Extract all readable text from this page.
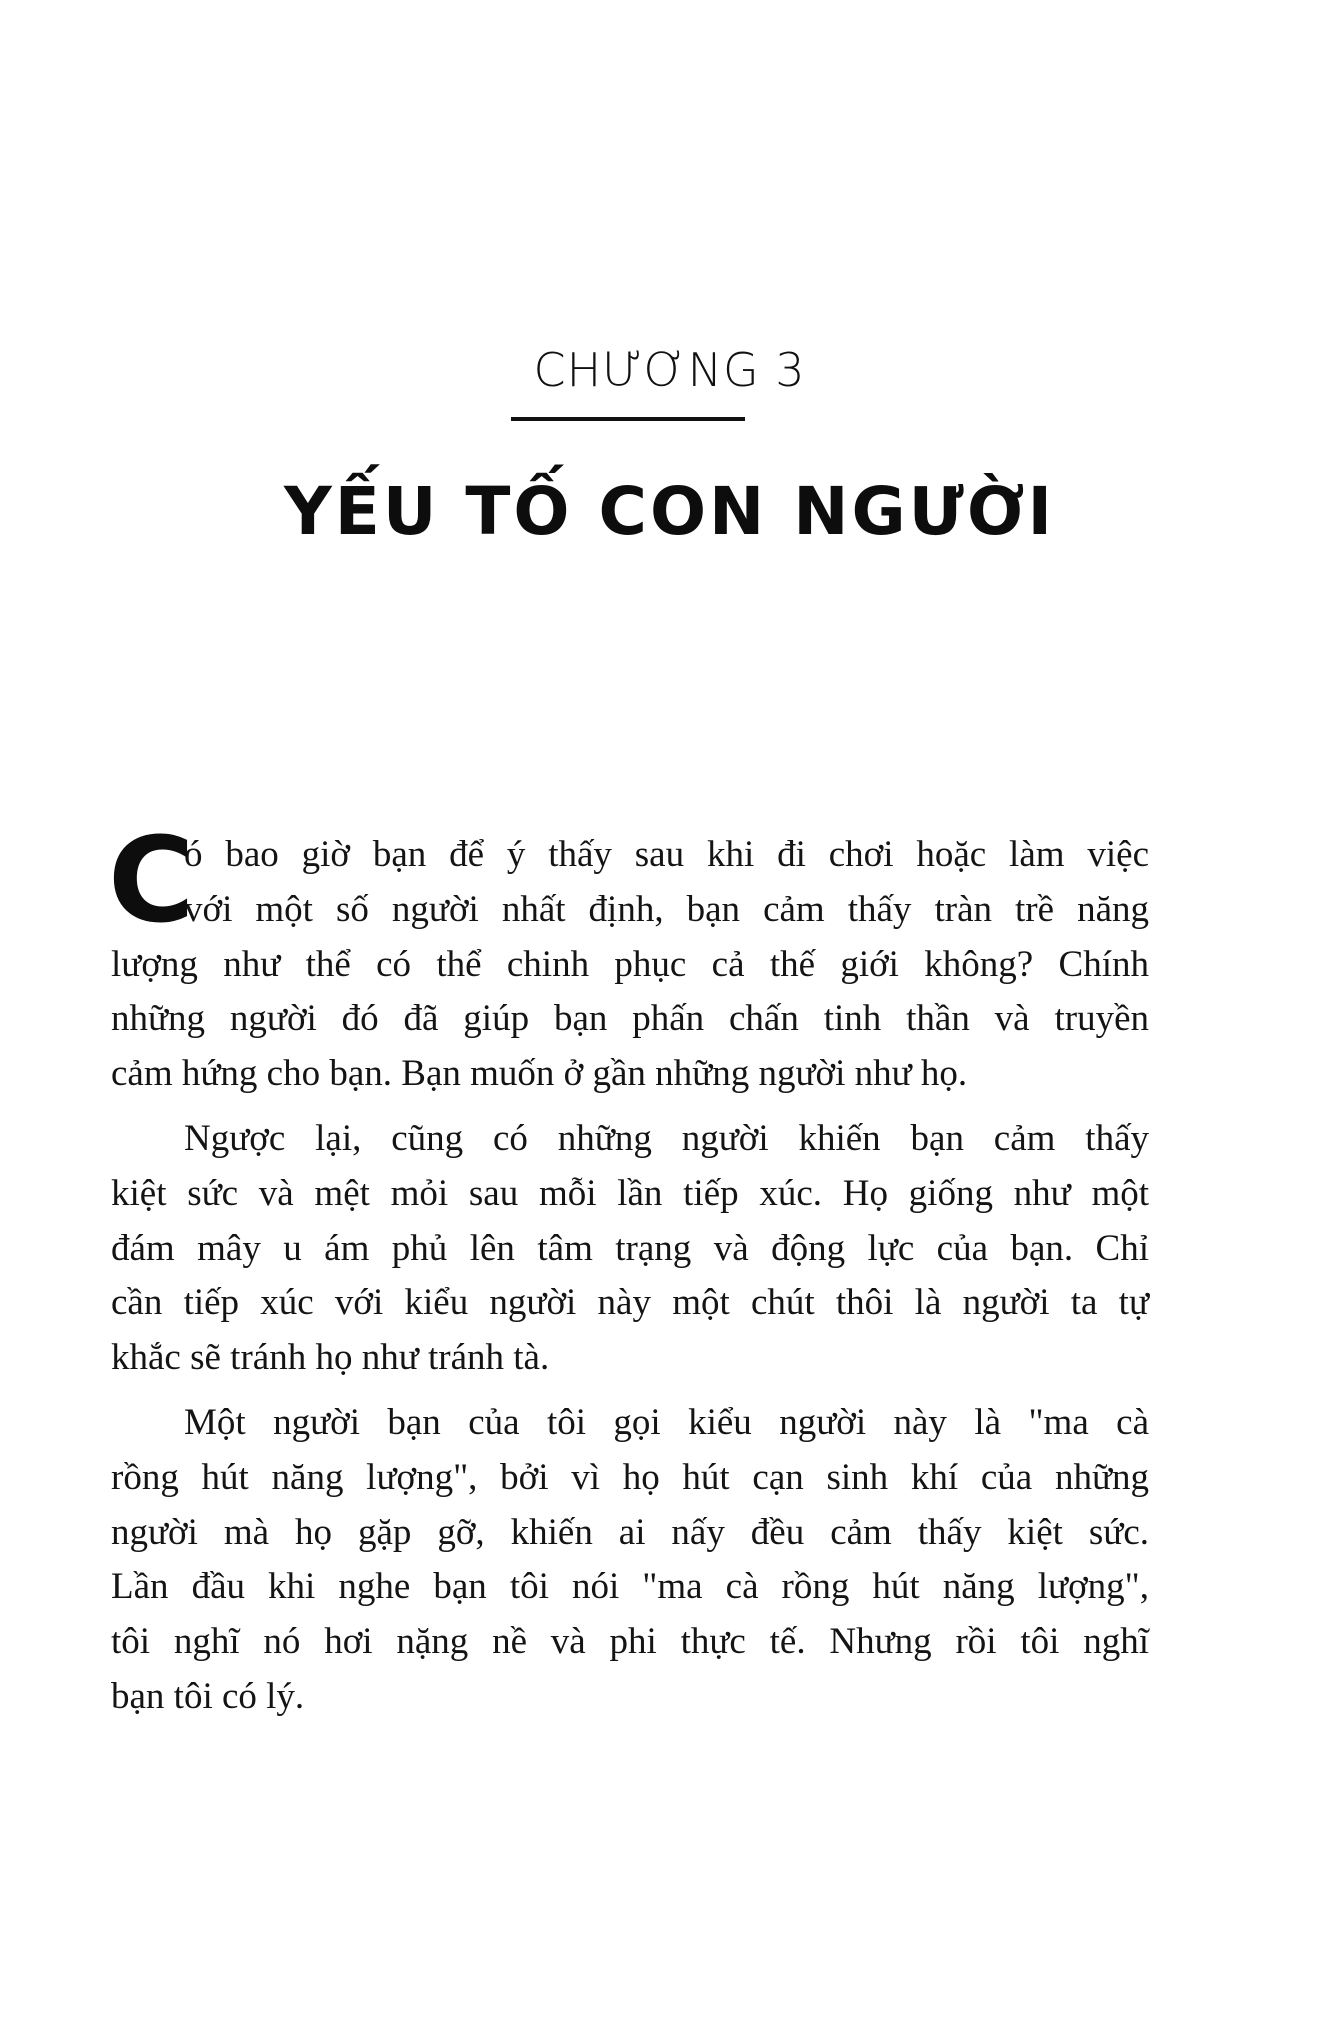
CHƯƠNG 3
YẾU TỐ CON NGƯỜI
C
ó bao giờ bạn để ý thấy sau khi đi chơi hoặc làm việc
với một số người nhất định, bạn cảm thấy tràn trề năng
lượng như thể có thể chinh phục cả thế giới không? Chính
những người đó đã giúp bạn phấn chấn tinh thần và truyền
cảm hứng cho bạn. Bạn muốn ở gần những người như họ.
Ngược lại, cũng có những người khiến bạn cảm thấy
kiệt sức và mệt mỏi sau mỗi lần tiếp xúc. Họ giống như một
đám mây u ám phủ lên tâm trạng và động lực của bạn. Chỉ
cần tiếp xúc với kiểu người này một chút thôi là người ta tự
khắc sẽ tránh họ như tránh tà.
Một người bạn của tôi gọi kiểu người này là "ma cà
rồng hút năng lượng", bởi vì họ hút cạn sinh khí của những
người mà họ gặp gỡ, khiến ai nấy đều cảm thấy kiệt sức.
Lần đầu khi nghe bạn tôi nói "ma cà rồng hút năng lượng",
tôi nghĩ nó hơi nặng nề và phi thực tế. Nhưng rồi tôi nghĩ
bạn tôi có lý.
